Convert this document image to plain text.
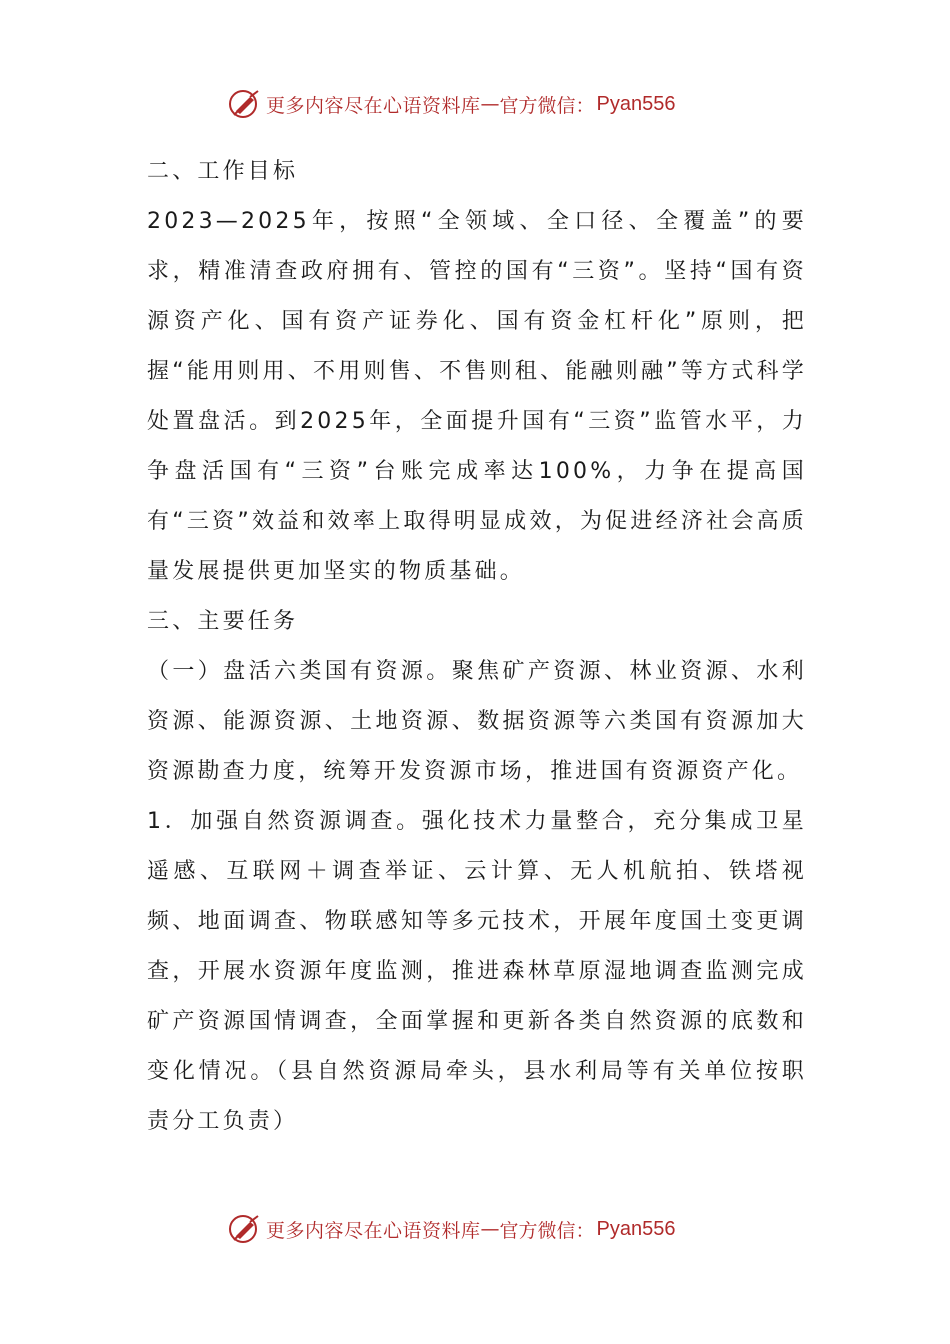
更多内容尽在心语资料库 — 官方微信： Pyan556

二、工作目标

2023—2025年，按照“全领域、全口径、全覆盖”的要求，精准清查政府拥有、管控的国有“三资”。坚持“国有资源资产化、国有资产证券化、国有资金杠杆化”原则，把握“能用则用、不用则售、不售则租、能融则融”等方式科学处置盘活。到2025年，全面提升国有“三资”监管水平，力争盘活国有“三资”台账完成率达100%，力争在提高国有“三资”效益和效率上取得明显成效，为促进经济社会高质量发展提供更加坚实的物质基础。

三、主要任务

（一）盘活六类国有资源。聚焦矿产资源、林业资源、水利资源、能源资源、土地资源、数据资源等六类国有资源加大资源勘查力度，统筹开发资源市场，推进国有资源资产化。

1．加强自然资源调查。强化技术力量整合，充分集成卫星遥感、互联网＋调查举证、云计算、无人机航拍、铁塔视频、地面调查、物联感知等多元技术，开展年度国土变更调查，开展水资源年度监测，推进森林草原湿地调查监测完成矿产资源国情调查，全面掌握和更新各类自然资源的底数和变化情况。（县自然资源局牵头，县水利局等有关单位按职责分工负责）

更多内容尽在心语资料库 — 官方微信： Pyan556
